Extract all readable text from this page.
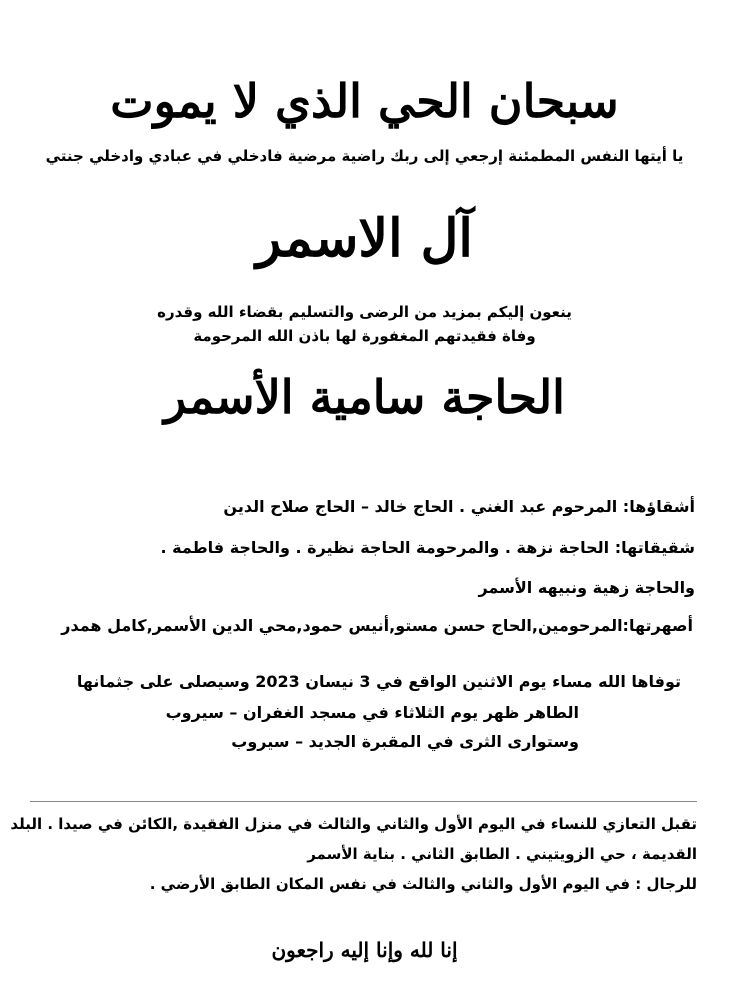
سبحان الحي الذي لا يموت
يا أيتها النفس المطمئنة إرجعي إلى ربك راضية مرضية فادخلي في عبادي وادخلي جنتي
آل الاسمر
ينعون إليكم بمزيد من الرضى والتسليم بقضاء الله وقدره
وفاة فقيدتهم المغفورة لها باذن الله المرحومة
الحاجة سامية الأسمر
أشقاؤها: المرحوم عبد الغني . الحاج خالد – الحاج صلاح الدين
شقيقاتها: الحاجة نزهة . والمرحومة الحاجة نظيرة . والحاجة فاطمة .
والحاجة زهية ونبيهه الأسمر
أصهرتها:المرحومين,الحاج حسن مستو,أنيس حمود,محي الدين الأسمر,كامل همدر
توفاها الله مساء يوم الاثنين الواقع في 3 نيسان 2023 وسيصلى على جثمانها
الطاهر ظهر يوم الثلاثاء في مسجد الغفران – سيروب
وستوارى الثرى في المقبرة الجديد – سيروب
تقبل التعازي للنساء في اليوم الأول والثاني والثالث في منزل الفقيدة ,الكائن في صيدا . البلد
القديمة ، حي الزويتيني . الطابق الثاني . بناية الأسمر
للرجال : في اليوم الأول والثاني والثالث في نفس المكان الطابق الأرضي .
إنا لله وإنا إليه راجعون
